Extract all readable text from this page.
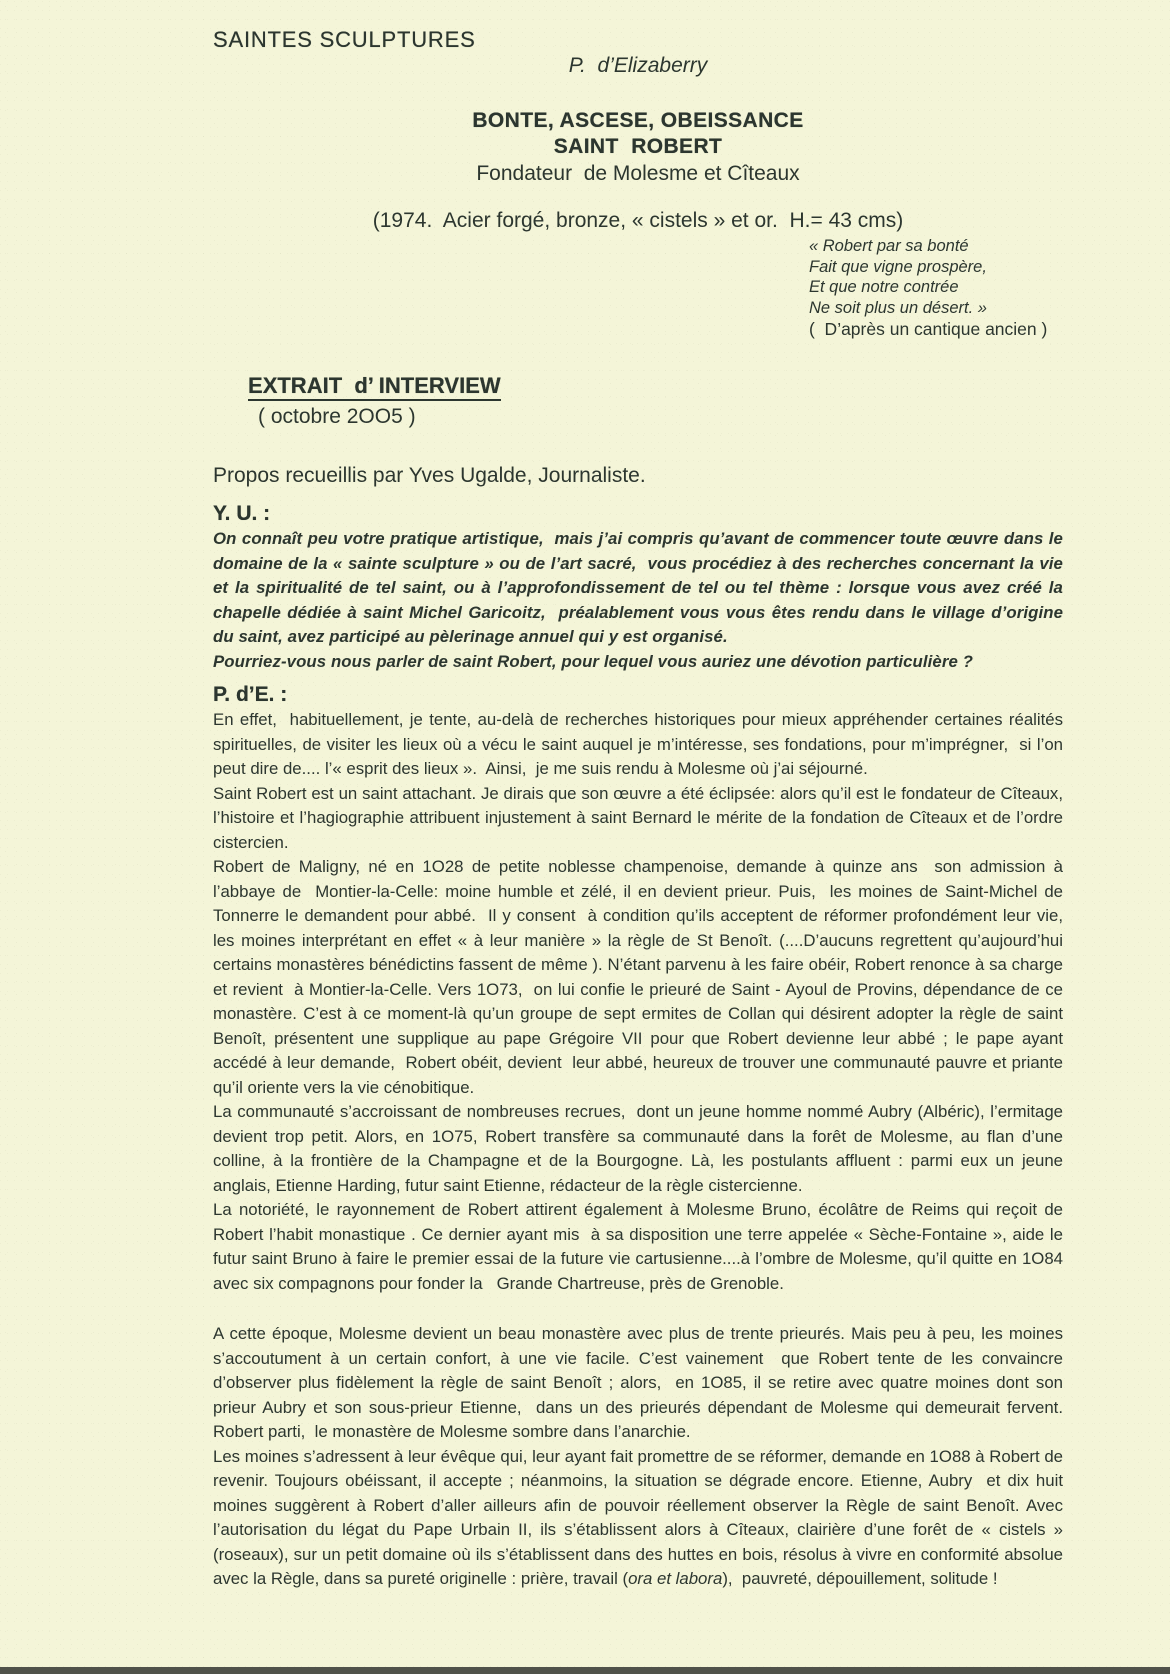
SAINTES SCULPTURES
P.  d’Elizaberry
BONTE, ASCESE, OBEISSANCE
SAINT  ROBERT
Fondateur  de Molesme et Cîteaux
(1974.  Acier forgé, bronze, « cistels » et or.  H.= 43 cms)
« Robert par sa bonté
Fait que vigne prospère,
Et que notre contrée
Ne soit plus un désert. »
(  D’après un cantique ancien )

EXTRAIT  d’ INTERVIEW
( octobre 2OO5 )

Propos recueillis par Yves Ugalde, Journaliste.
Y. U. :

On connaît peu votre pratique artistique,  mais j’ai compris qu’avant de commencer toute œuvre dans le domaine de la « sainte sculpture » ou de l’art sacré,  vous procédiez à des recherches concernant la vie et la spiritualité de tel saint, ou à l’approfondissement de tel ou tel thème : lorsque vous avez créé la chapelle dédiée à saint Michel Garicoitz,  préalablement vous vous êtes rendu dans le village d’origine du saint, avez participé au pèlerinage annuel qui y est organisé.

Pourriez-vous nous parler de saint Robert, pour lequel vous auriez une dévotion particulière ?

P. d’E. :

En effet,  habituellement, je tente, au-delà de recherches historiques pour mieux appréhender certaines réalités spirituelles, de visiter les lieux où a vécu le saint auquel je m’intéresse, ses fondations, pour m’imprégner,  si l’on peut dire de.... l’« esprit des lieux ».  Ainsi,  je me suis rendu à Molesme où j’ai séjourné.

Saint Robert est un saint attachant. Je dirais que son œuvre a été éclipsée: alors qu’il est le fondateur de Cîteaux, l’histoire et l’hagiographie attribuent injustement à saint Bernard le mérite de la fondation de Cîteaux et de l’ordre cistercien.

Robert de Maligny, né en 1O28 de petite noblesse champenoise, demande à quinze ans  son admission à l’abbaye de  Montier-la-Celle: moine humble et zélé, il en devient prieur. Puis,  les moines de Saint-Michel de Tonnerre le demandent pour abbé.  Il y consent  à condition qu’ils acceptent de réformer profondément leur vie, les moines interprétant en effet « à leur manière » la règle de St Benoît. (....D’aucuns regrettent qu’aujourd’hui certains monastères bénédictins fassent de même ). N’étant parvenu à les faire obéir, Robert renonce à sa charge et revient  à Montier-la-Celle. Vers 1O73,  on lui confie le prieuré de Saint - Ayoul de Provins, dépendance de ce monastère. C’est à ce moment-là qu’un groupe de sept ermites de Collan qui désirent adopter la règle de saint Benoît, présentent une supplique au pape Grégoire VII pour que Robert devienne leur abbé ; le pape ayant accédé à leur demande,  Robert obéit, devient  leur abbé, heureux de trouver une communauté pauvre et priante qu’il oriente vers la vie cénobitique.

La communauté s’accroissant de nombreuses recrues,  dont un jeune homme nommé Aubry (Albéric), l’ermitage devient trop petit. Alors, en 1O75, Robert transfère sa communauté dans la forêt de Molesme, au flan d’une colline, à la frontière de la Champagne et de la Bourgogne. Là, les postulants affluent : parmi eux un jeune anglais, Etienne Harding, futur saint Etienne, rédacteur de la règle cistercienne.

La notoriété, le rayonnement de Robert attirent également à Molesme Bruno, écolâtre de Reims qui reçoit de Robert l’habit monastique . Ce dernier ayant mis  à sa disposition une terre appelée « Sèche-Fontaine », aide le futur saint Bruno à faire le premier essai de la future vie cartusienne....à l’ombre de Molesme, qu’il quitte en 1O84 avec six compagnons pour fonder la   Grande Chartreuse, près de Grenoble.

A cette époque, Molesme devient un beau monastère avec plus de trente prieurés. Mais peu à peu, les moines s’accoutument à un certain confort, à une vie facile. C’est vainement  que Robert tente de les convaincre d’observer plus fidèlement la règle de saint Benoît ; alors,  en 1O85, il se retire avec quatre moines dont son prieur Aubry et son sous-prieur Etienne,  dans un des prieurés dépendant de Molesme qui demeurait fervent. Robert parti,  le monastère de Molesme sombre dans l’anarchie.

Les moines s’adressent à leur évêque qui, leur ayant fait promettre de se réformer, demande en 1O88 à Robert de revenir. Toujours obéissant, il accepte ; néanmoins, la situation se dégrade encore. Etienne, Aubry  et dix huit moines suggèrent à Robert d’aller ailleurs afin de pouvoir réellement observer la Règle de saint Benoît. Avec l’autorisation du légat du Pape Urbain II, ils s’établissent alors à Cîteaux, clairière d’une forêt de « cistels » (roseaux), sur un petit domaine où ils s’établissent dans des huttes en bois, résolus à vivre en conformité absolue avec la Règle, dans sa pureté originelle : prière, travail (ora et labora),  pauvreté, dépouillement, solitude !
